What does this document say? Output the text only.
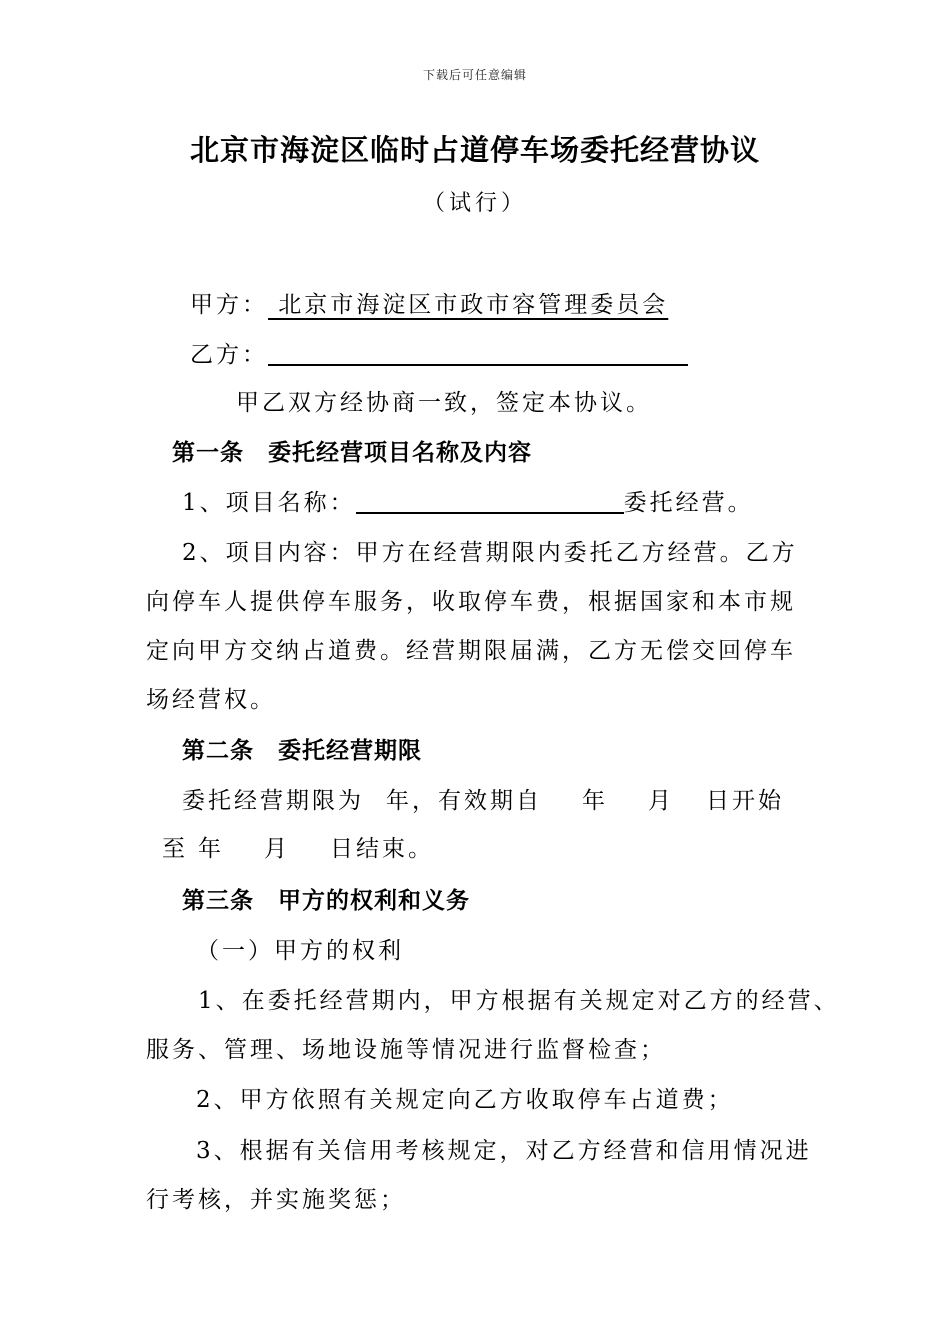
下载后可任意编辑
北京市海淀区临时占道停车场委托经营协议
（试行）
甲方： 北京市海淀区市政市容管理委员会
乙方：
甲乙双方经协商一致，签定本协议。
第一条 委托经营项目名称及内容
1、项目名称：	委托经营。
2、项目内容：甲方在经营期限内委托乙方经营。乙方
向停车人提供停车服务，收取停车费，根据国家和本市规
定向甲方交纳占道费。经营期限届满，乙方无偿交回停车
场经营权。
第二条 委托经营期限
委托经营期限为 年，有效期自 年 月 日开始
至 年 月 日结束。
第三条 甲方的权利和义务
（一）甲方的权利
1、在委托经营期内，甲方根据有关规定对乙方的经营、
服务、管理、场地设施等情况进行监督检查；
2、甲方依照有关规定向乙方收取停车占道费；
3、根据有关信用考核规定，对乙方经营和信用情况进
行考核，并实施奖惩；
